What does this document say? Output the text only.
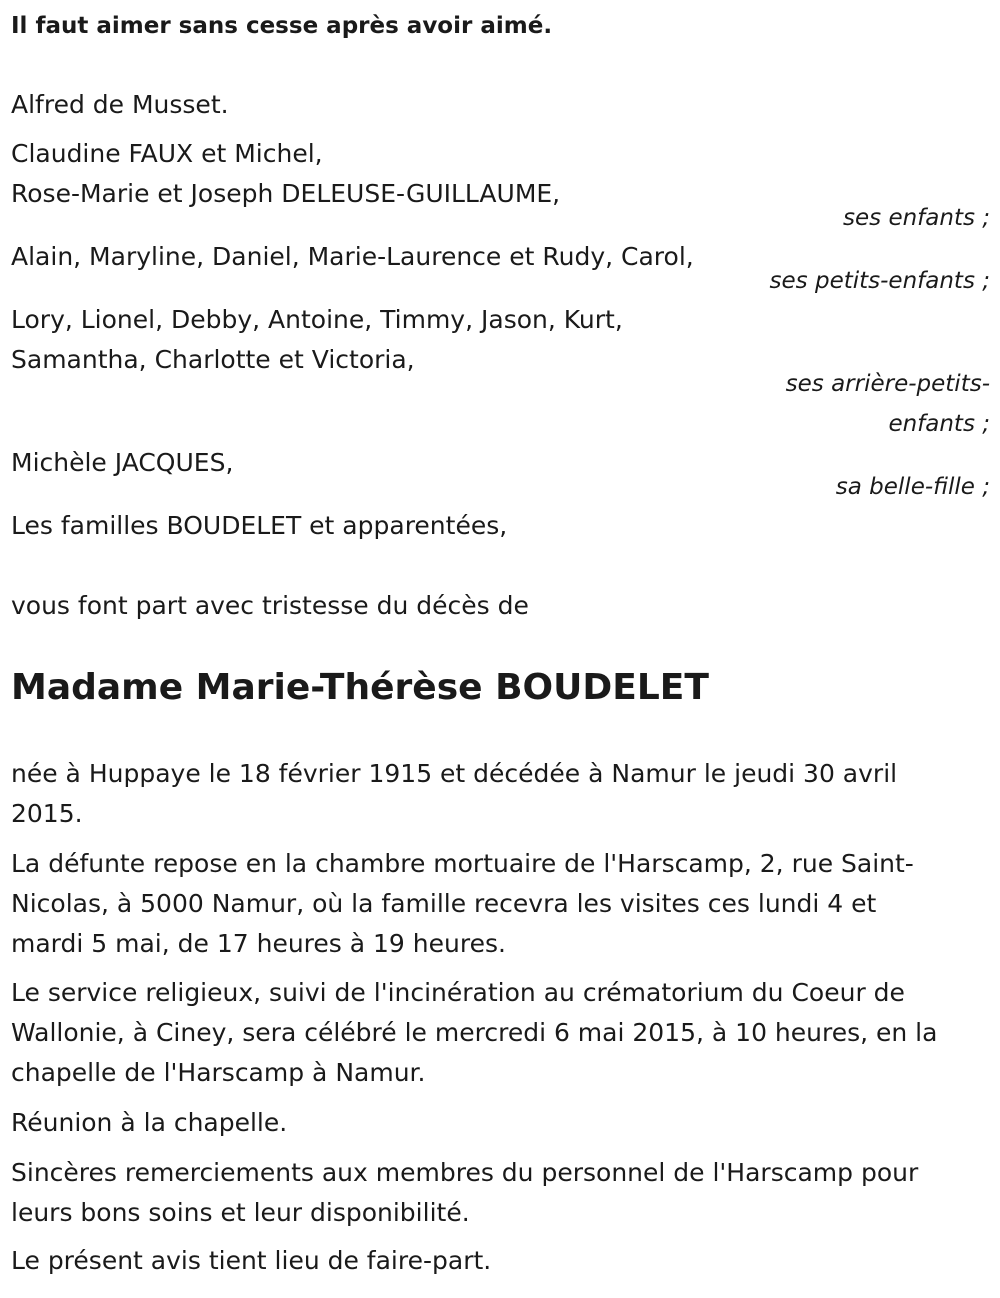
Il faut aimer sans cesse après avoir aimé.

Alfred de Musset.

Claudine FAUX et Michel,

Rose-Marie et Joseph DELEUSE-GUILLAUME,

ses enfants ;

Alain, Maryline, Daniel, Marie-Laurence et Rudy, Carol,

ses petits-enfants ;

Lory, Lionel, Debby, Antoine, Timmy, Jason, Kurt,

Samantha, Charlotte et Victoria,

ses arrière-petits-

enfants ;

Michèle JACQUES,

sa belle-fille ;

Les familles BOUDELET et apparentées,

vous font part avec tristesse du décès de

Madame Marie-Thérèse BOUDELET

née à Huppaye le 18 février 1915 et décédée à Namur le jeudi 30 avril

2015.

La défunte repose en la chambre mortuaire de l'Harscamp, 2, rue Saint-

Nicolas, à 5000 Namur, où la famille recevra les visites ces lundi 4 et

mardi 5 mai, de 17 heures à 19 heures.

Le service religieux, suivi de l'incinération au crématorium du Coeur de

Wallonie, à Ciney, sera célébré le mercredi 6 mai 2015, à 10 heures, en la

chapelle de l'Harscamp à Namur.

Réunion à la chapelle.

Sincères remerciements aux membres du personnel de l'Harscamp pour

leurs bons soins et leur disponibilité.

Le présent avis tient lieu de faire-part.
